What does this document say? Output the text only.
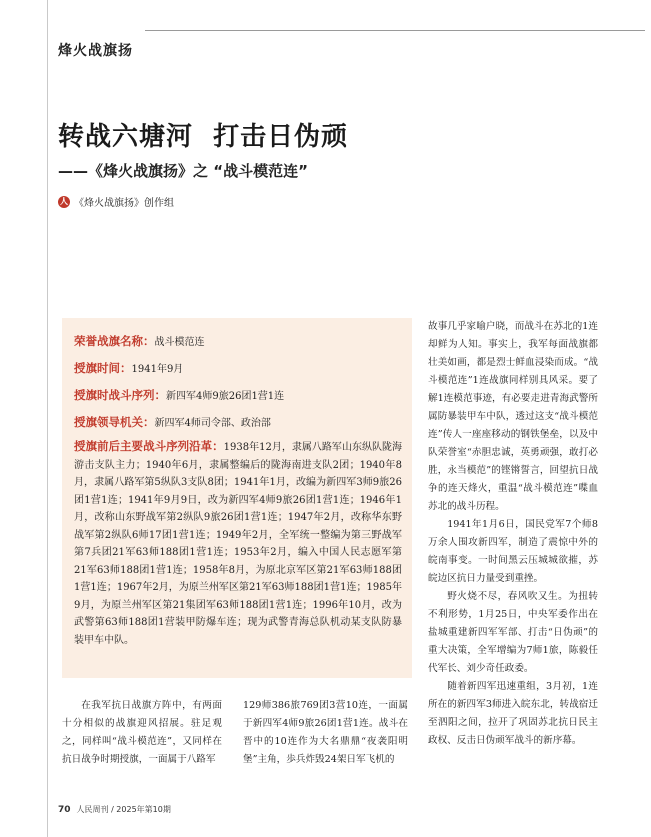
烽火战旗扬
转战六塘河  打击日伪顽
——《烽火战旗扬》之 “战斗模范连”
人 《烽火战旗扬》创作组
荣誉战旗名称：战斗模范连
授旗时间：1941年9月
授旗时战斗序列：新四军4师9旅26团1营1连
授旗领导机关：新四军4师司令部、政治部
授旗前后主要战斗序列沿革：1938年12月，隶属八路军山东纵队陇海游击支队主力；1940年6月，隶属整编后的陇海南进支队2团；1940年8月，隶属八路军第5纵队3支队8团；1941年1月，改编为新四军3师9旅26团1营1连；1941年9月9日，改为新四军4师9旅26团1营1连；1946年1月，改称山东野战军第2纵队9旅26团1营1连；1947年2月，改称华东野战军第2纵队6师17团1营1连；1949年2月，全军统一整编为第三野战军第7兵团21军63师188团1营1连；1953年2月，编入中国人民志愿军第21军63师188团1营1连；1958年8月，为原北京军区第21军63师188团1营1连；1967年2月，为原兰州军区第21军63师188团1营1连；1985年9月，为原兰州军区第21集团军63师188团1营1连；1996年10月，改为武警第63师188团1营装甲防爆车连；现为武警青海总队机动某支队防暴装甲车中队。

在我军抗日战旗方阵中，有两面十分相似的战旗迎风招展。驻足观之，同样叫“战斗模范连”，又同样在抗日战争时期授旗，一面属于八路军

129师386旅769团3营10连，一面属于新四军4师9旅26团1营1连。战斗在晋中的10连作为大名鼎鼎“夜袭阳明堡”主角，歩兵炸毁24架日军飞机的

故事几乎家喻户晓，而战斗在苏北的1连却鲜为人知。事实上，我军每面战旗都壮美如画，都是烈士鲜血浸染而成。“战斗模范连”1连战旗同样别具风采。要了解1连模范事迹，有必要走进青海武警所属防暴装甲车中队，透过这支“战斗模范连”传人一座座移动的钢铁堡垒，以及中队荣誉室“赤胆忠诚，英勇顽强，敢打必胜，永当模范”的铿锵誓言，回望抗日战争的连天烽火，重温“战斗模范连”喋血苏北的战斗历程。

1941年1月6日，国民党军7个师8万余人围攻新四军，制造了震惊中外的皖南事变。一时间黑云压城城欲摧，苏皖边区抗日力量受到重挫。

野火烧不尽，春风吹又生。为扭转不利形势，1月25日，中央军委作出在盐城重建新四军军部、打击“日伪顽”的重大决策，全军增编为7师1旅，陈毅任代军长、刘少奇任政委。

随着新四军迅速重组，3月初，1连所在的新四军3师进入皖东北，转战宿迁至泗阳之间，拉开了巩固苏北抗日民主政权、反击日伪顽军战斗的新序幕。

70 人民周刊 / 2025年第10期
